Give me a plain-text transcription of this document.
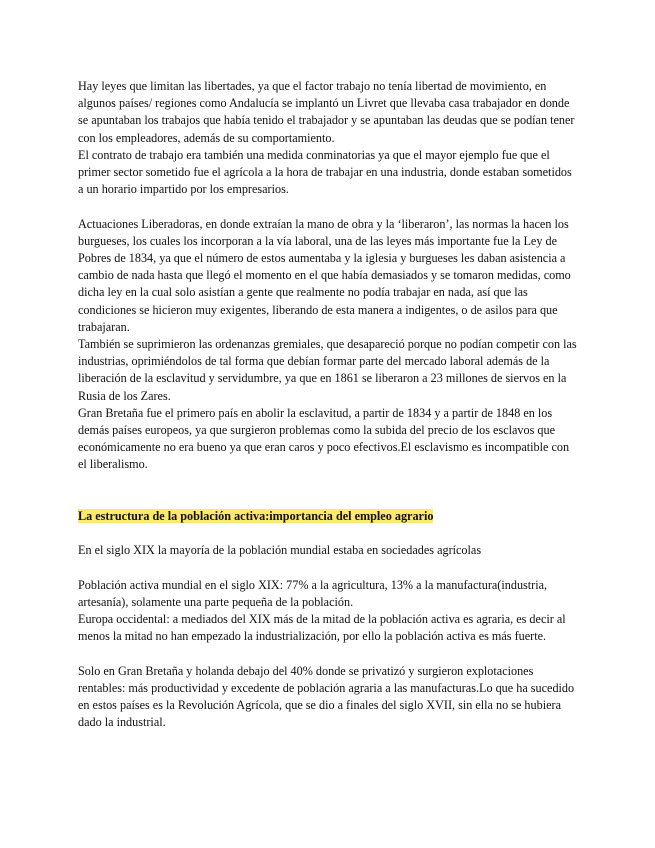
Hay leyes que limitan las libertades, ya que el factor trabajo no tenía libertad de movimiento, en algunos países/ regiones como Andalucía se implantó un Livret que llevaba casa trabajador en donde se apuntaban los trabajos que había tenido el trabajador y se apuntaban las deudas que se podían tener con los empleadores, además de su comportamiento.

El contrato de trabajo era también una medida conminatorias ya que el mayor ejemplo fue que el primer sector sometido fue el agrícola a la hora de trabajar en una industria, donde estaban sometidos a un horario impartido por los empresarios.

Actuaciones Liberadoras, en donde extraían la mano de obra y la ‘liberaron’, las normas la hacen los burgueses, los cuales los incorporan a la vía laboral, una de las leyes más importante fue la Ley de Pobres de 1834, ya que el número de estos aumentaba y la iglesia y burgueses les daban asistencia a cambio de nada hasta que llegó el momento en el que había demasiados y se tomaron medidas, como dicha ley en la cual solo asistían a gente que realmente no podía trabajar en nada, así que las condiciones se hicieron muy exigentes, liberando de esta manera a indigentes, o de asilos para que trabajaran.

También se suprimieron las ordenanzas gremiales, que desapareció porque no podían competir con las industrias, oprimiéndolos de tal forma que debían formar parte del mercado laboral además de la liberación de la esclavitud y servidumbre, ya que en 1861 se liberaron a 23 millones de siervos en la Rusia de los Zares.

Gran Bretaña fue el primero país en abolir la esclavitud, a partir de 1834 y a partir de 1848 en los demás países europeos, ya que surgieron problemas como la subida del precio de los esclavos que económicamente no era bueno ya que eran caros y poco efectivos.El esclavismo es incompatible con el liberalismo.

La estructura de la población activa:importancia del empleo agrario

En el siglo XIX la mayoría de la población mundial estaba en sociedades agrícolas

Población activa mundial en el siglo XIX: 77% a la agricultura, 13% a la manufactura(industria, artesanía), solamente una parte pequeña de la población.

Europa occidental: a mediados del XIX más de la mitad de la población activa es agraria, es decir al menos la mitad no han empezado la industrialización, por ello la población activa es más fuerte.

Solo en Gran Bretaña y holanda debajo del 40% donde se privatizó y surgieron explotaciones rentables: más productividad y excedente de población agraria a las manufacturas.Lo que ha sucedido en estos países es la Revolución Agrícola, que se dio a finales del siglo XVII, sin ella no se hubiera dado la industrial.
